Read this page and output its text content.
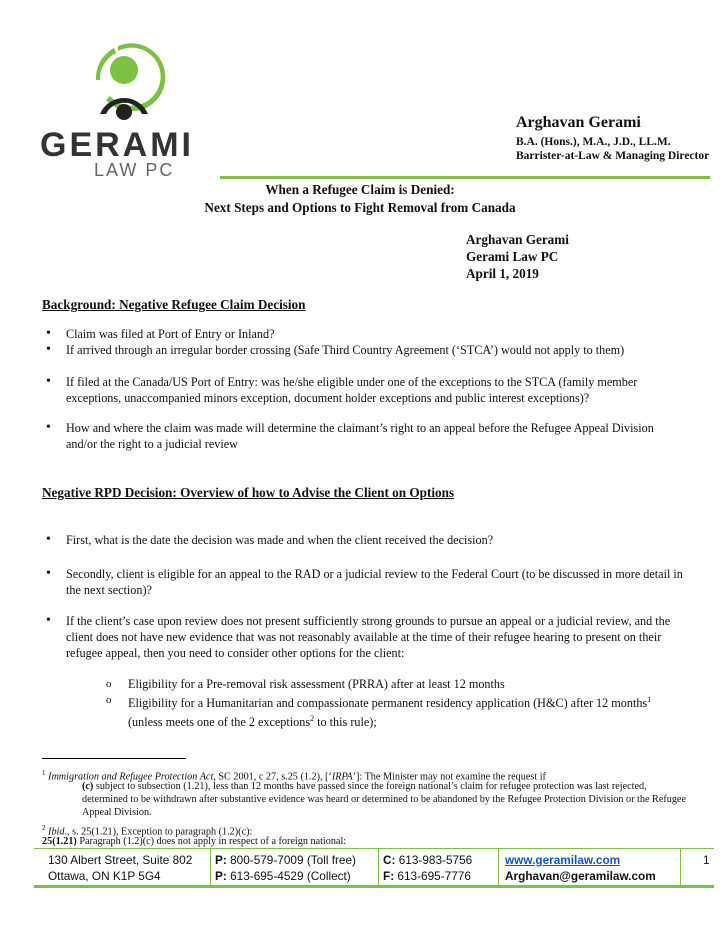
GERAMI
LAW PC
Arghavan Gerami
B.A. (Hons.), M.A., J.D., LL.M.
Barrister-at-Law & Managing Director
When a Refugee Claim is Denied:
Next Steps and Options to Fight Removal from Canada
Arghavan Gerami
Gerami Law PC
April 1, 2019
Background: Negative Refugee Claim Decision
• Claim was filed at Port of Entry or Inland?
• If arrived through an irregular border crossing (Safe Third Country Agreement (‘STCA’) would not apply to them)
• If filed at the Canada/US Port of Entry: was he/she eligible under one of the exceptions to the STCA (family member exceptions, unaccompanied minors exception, document holder exceptions and public interest exceptions)?
• How and where the claim was made will determine the claimant’s right to an appeal before the Refugee Appeal Division and/or the right to a judicial review
Negative RPD Decision: Overview of how to Advise the Client on Options
• First, what is the date the decision was made and when the client received the decision?
• Secondly, client is eligible for an appeal to the RAD or a judicial review to the Federal Court (to be discussed in more detail in the next section)?
• If the client’s case upon review does not present sufficiently strong grounds to pursue an appeal or a judicial review, and the client does not have new evidence that was not reasonably available at the time of their refugee hearing to present on their refugee appeal, then you need to consider other options for the client:
o Eligibility for a Pre-removal risk assessment (PRRA) after at least 12 months
o Eligibility for a Humanitarian and compassionate permanent residency application (H&C) after 12 months$^1$ (unless meets one of the 2 exceptions$^2$ to this rule);
$^1$ Immigration and Refugee Protection Act, SC 2001, c 27, s.25 (1.2), [‘IRPA’]: The Minister may not examine the request if
(c) subject to subsection (1.21), less than 12 months have passed since the foreign national’s claim for refugee protection was last rejected, determined to be withdrawn after substantive evidence was heard or determined to be abandoned by the Refugee Protection Division or the Refugee Appeal Division.
$^2$ Ibid., s. 25(1.21), Exception to paragraph (1.2)(c):
25(1.21) Paragraph (1.2)(c) does not apply in respect of a foreign national:
130 Albert Street, Suite 802
Ottawa, ON K1P 5G4
P: 800-579-7009 (Toll free)
P: 613-695-4529 (Collect)
C: 613-983-5756
F: 613-695-7776
www.geramilaw.com
Arghavan@geramilaw.com
1
